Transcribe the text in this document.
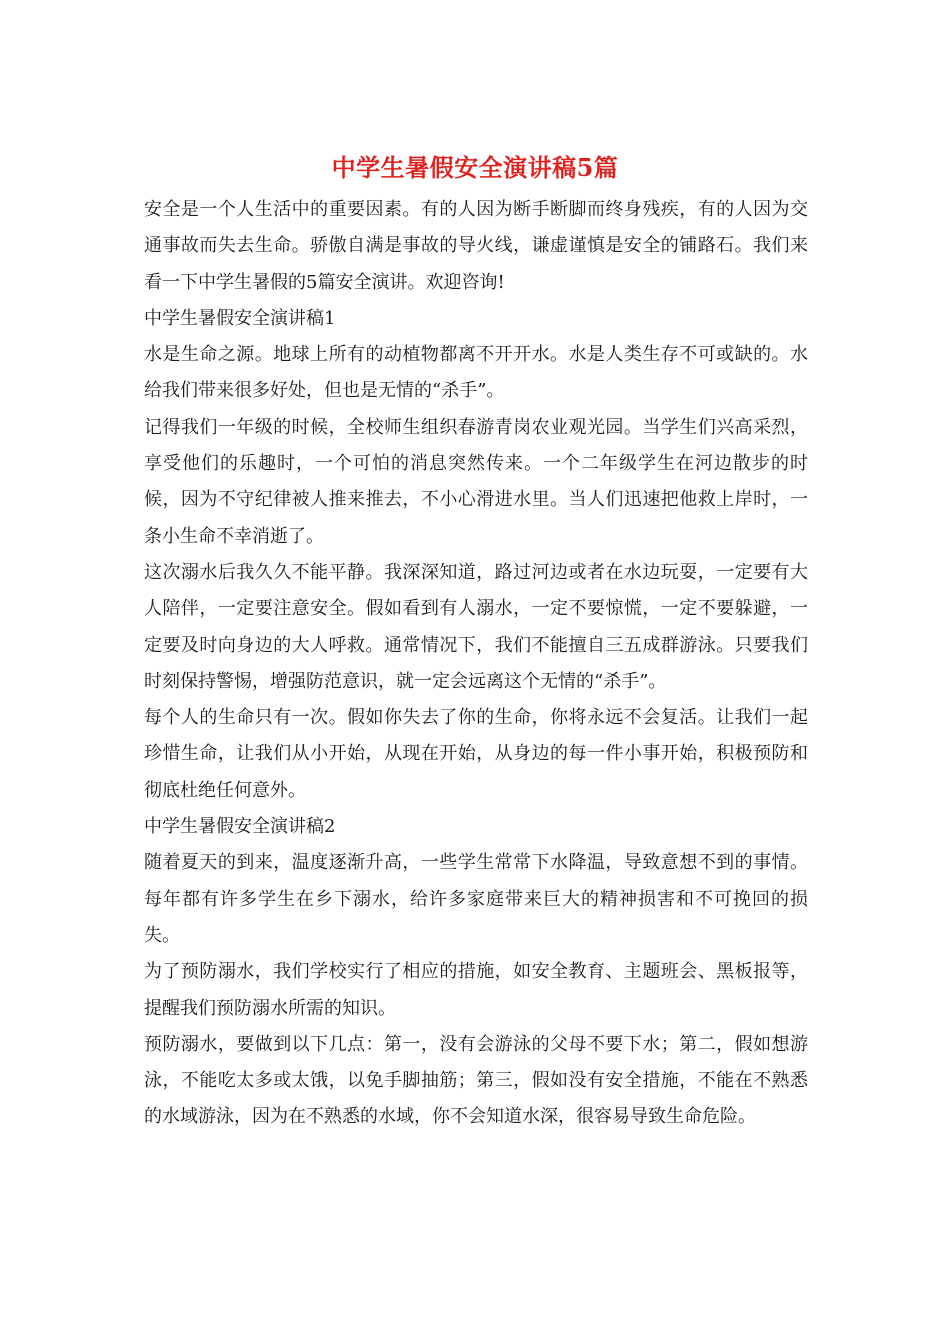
中学生暑假安全演讲稿5篇

安全是一个人生活中的重要因素。有的人因为断手断脚而终身残疾，有的人因为交通事故而失去生命。骄傲自满是事故的导火线，谦虚谨慎是安全的铺路石。我们来看一下中学生暑假的5篇安全演讲。欢迎咨询!

中学生暑假安全演讲稿1

水是生命之源。地球上所有的动植物都离不开开水。水是人类生存不可或缺的。水给我们带来很多好处，但也是无情的“杀手”。

记得我们一年级的时候，全校师生组织春游青岗农业观光园。当学生们兴高采烈，享受他们的乐趣时，一个可怕的消息突然传来。一个二年级学生在河边散步的时候，因为不守纪律被人推来推去，不小心滑进水里。当人们迅速把他救上岸时，一条小生命不幸消逝了。

这次溺水后我久久不能平静。我深深知道，路过河边或者在水边玩耍，一定要有大人陪伴，一定要注意安全。假如看到有人溺水，一定不要惊慌，一定不要躲避，一定要及时向身边的大人呼救。通常情况下，我们不能擅自三五成群游泳。只要我们时刻保持警惕，增强防范意识，就一定会远离这个无情的“杀手”。

每个人的生命只有一次。假如你失去了你的生命，你将永远不会复活。让我们一起珍惜生命，让我们从小开始，从现在开始，从身边的每一件小事开始，积极预防和彻底杜绝任何意外。

中学生暑假安全演讲稿2

随着夏天的到来，温度逐渐升高，一些学生常常下水降温，导致意想不到的事情。每年都有许多学生在乡下溺水，给许多家庭带来巨大的精神损害和不可挽回的损失。

为了预防溺水，我们学校实行了相应的措施，如安全教育、主题班会、黑板报等，提醒我们预防溺水所需的知识。

预防溺水，要做到以下几点：第一，没有会游泳的父母不要下水；第二，假如想游泳，不能吃太多或太饿，以免手脚抽筋；第三，假如没有安全措施，不能在不熟悉的水域游泳，因为在不熟悉的水域，你不会知道水深，很容易导致生命危险。
